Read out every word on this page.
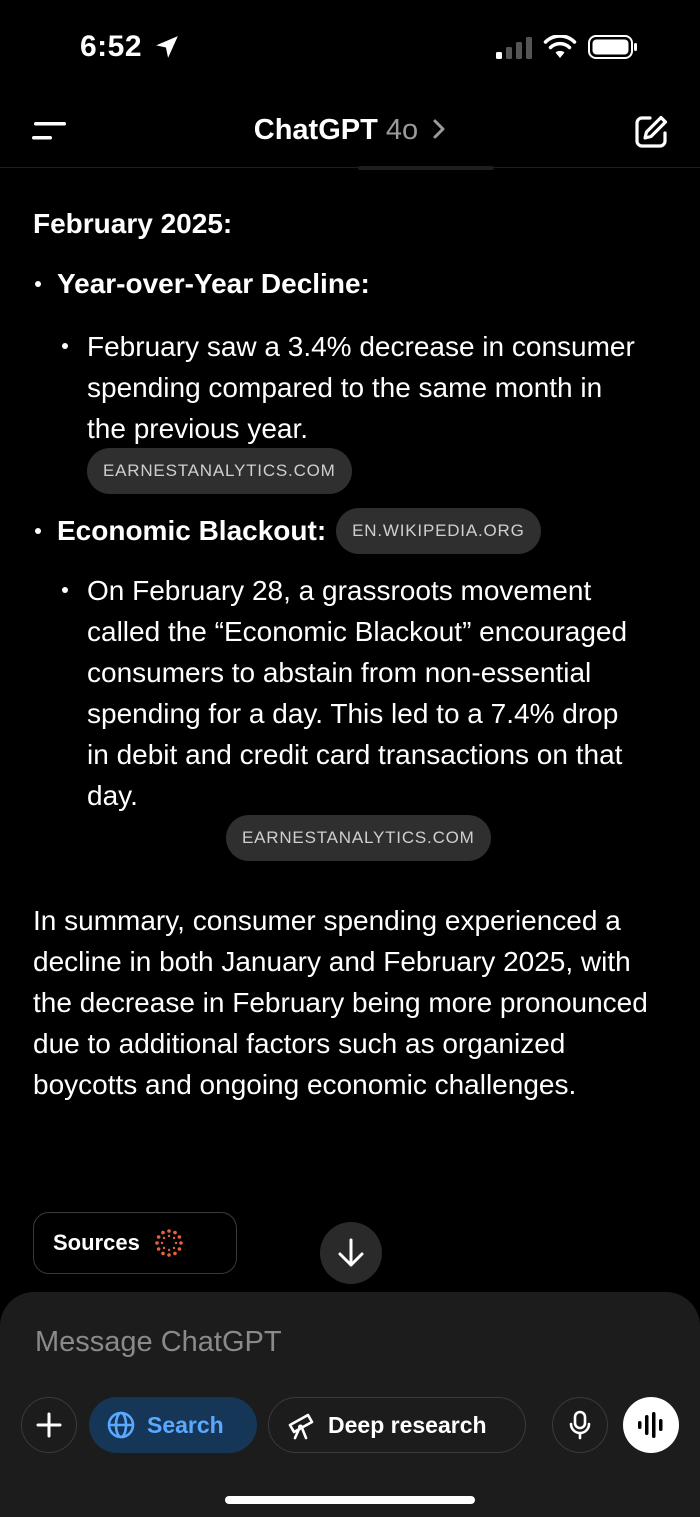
6:52
ChatGPT 4o
February 2025:
Year-over-Year Decline:
February saw a 3.4% decrease in consumer spending compared to the same month in the previous year.
EARNESTANALYTICS.COM
Economic Blackout:	EN.WIKIPEDIA.ORG
On February 28, a grassroots movement called the “Economic Blackout” encouraged consumers to abstain from non-essential spending for a day. This led to a 7.4% drop in debit and credit card transactions on that day.
EARNESTANALYTICS.COM
In summary, consumer spending experienced a decline in both January and February 2025, with the decrease in February being more pronounced due to additional factors such as organized boycotts and ongoing economic challenges.
Sources
Message ChatGPT
Search	Deep research
